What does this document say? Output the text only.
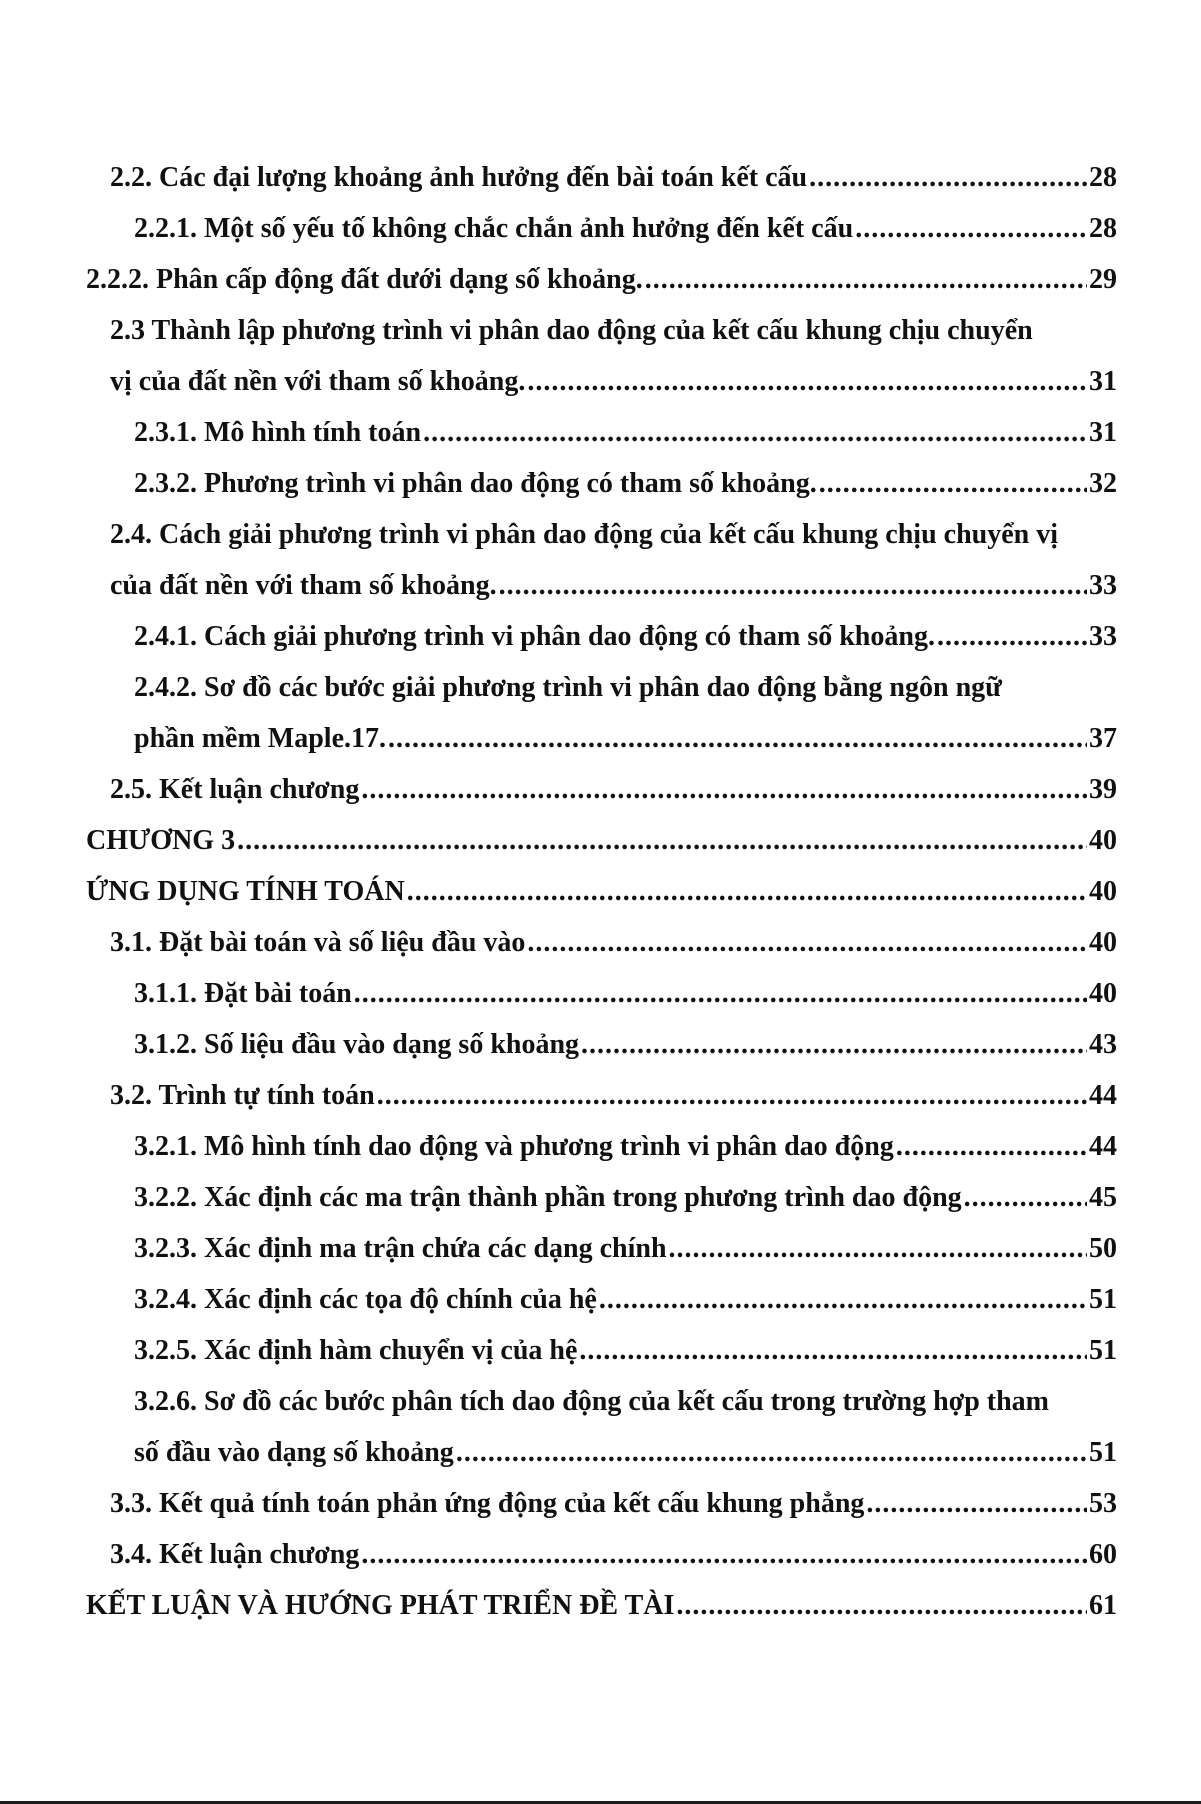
2.2. Các đại lượng khoảng ảnh hưởng đến bài toán kết cấu .....	28
2.2.1. Một số yếu tố không chắc chắn ảnh hưởng đến kết cấu .....	28
2.2.2. Phân cấp động đất dưới dạng số khoảng. .....	29
2.3 Thành lập phương trình vi phân dao động của kết cấu khung chịu chuyển
vị của đất nền với tham số khoảng. .....	31
2.3.1. Mô hình tính toán .....	31
2.3.2. Phương trình vi phân dao động có tham số khoảng. .....	32
2.4. Cách giải phương trình vi phân dao động của kết cấu khung chịu chuyển vị
của đất nền với tham số khoảng. .....	33
2.4.1. Cách giải phương trình vi phân dao động có tham số khoảng. .....	33
2.4.2. Sơ đồ các bước giải phương trình vi phân dao động bằng ngôn ngữ
phần mềm Maple.17. .....	37
2.5. Kết luận chương .....	39
CHƯƠNG 3 .....	40
ỨNG DỤNG TÍNH TOÁN .....	40
3.1. Đặt bài toán và số liệu đầu vào .....	40
3.1.1. Đặt bài toán .....	40
3.1.2. Số liệu đầu vào dạng số khoảng .....	43
3.2. Trình tự tính toán .....	44
3.2.1. Mô hình tính dao động và phương trình vi phân dao động .....	44
3.2.2. Xác định các ma trận thành phần trong phương trình dao động .....	45
3.2.3. Xác định ma trận chứa các dạng chính .....	50
3.2.4. Xác định các tọa độ chính của hệ .....	51
3.2.5. Xác định hàm chuyển vị của hệ .....	51
3.2.6. Sơ đồ các bước phân tích dao động của kết cấu trong trường hợp tham
số đầu vào dạng số khoảng .....	51
3.3. Kết quả tính toán phản ứng động của kết cấu khung phẳng .....	53
3.4. Kết luận chương .....	60
KẾT LUẬN VÀ HƯỚNG PHÁT TRIỂN ĐỀ TÀI .....	61
